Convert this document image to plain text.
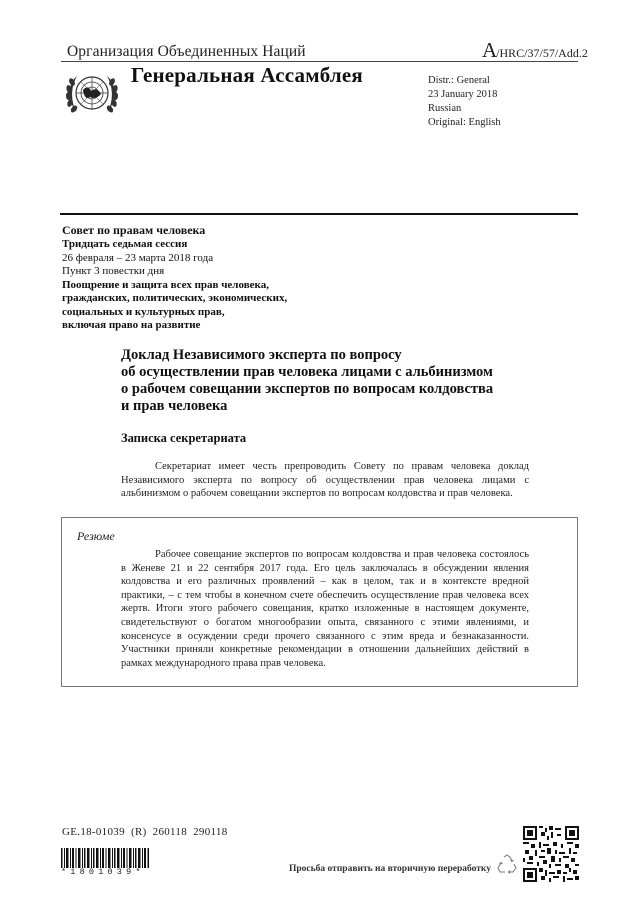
Организация Объединенных Наций	A/HRC/37/57/Add.2
Генеральная Ассамблея	Distr.: General
23 January 2018
Russian
Original: English
Совет по правам человека
Тридцать седьмая сессия
26 февраля – 23 марта 2018 года
Пункт 3 повестки дня
Поощрение и защита всех прав человека,
гражданских, политических, экономических,
социальных и культурных прав,
включая право на развитие
Доклад Независимого эксперта по вопросу
об осуществлении прав человека лицами с альбинизмом
о рабочем совещании экспертов по вопросам колдовства
и прав человека
Записка секретариата
Секретариат имеет честь препроводить Совету по правам человека доклад Независимого эксперта по вопросу об осуществлении прав человека лицами с альбинизмом о рабочем совещании экспертов по вопросам колдовства и прав человека.
Резюме
Рабочее совещание экспертов по вопросам колдовства и прав человека состоялось в Женеве 21 и 22 сентября 2017 года. Его цель заключалась в обсуждении явления колдовства и его различных проявлений – как в целом, так и в контексте вредной практики, – с тем чтобы в конечном счете обеспечить осуществление прав человека всех жертв. Итоги этого рабочего совещания, кратко изложенные в настоящем документе, свидетельствуют о богатом многообразии опыта, связанного с этими явлениями, и консенсусе в осуждении среди прочего связанного с этим вреда и безнаказанности. Участники приняли конкретные рекомендации в отношении дальнейших действий в рамках международного права прав человека.
GE.18-01039  (R)  260118  290118
*1801039*	Просьба отправить на вторичную переработку
